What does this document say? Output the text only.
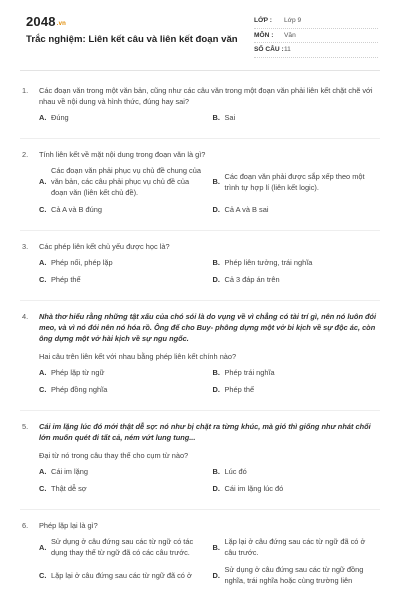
2048.vn
Trắc nghiệm: Liên kết câu và liên kết đoạn văn
LỚP :	Lớp 9
MÔN :	Văn
SỐ CÂU : 11
1.	Các đoạn văn trong một văn bản, cũng như các câu văn trong một đoạn văn phải liên kết chặt chẽ với nhau về nội dung và hình thức, đúng hay sai?
A. Đúng	B. Sai
2.	Tính liên kết về mặt nội dung trong đoạn văn là gì?
A.
Các đoạn văn phải phục vụ chủ đề chung của văn bản, các câu phải phục vụ chủ đề của đoạn văn (liên kết chủ đề).
B.
Các đoạn văn phải được sắp xếp theo một trình tự hợp lí (liên kết logic).
C. Cả A và B đúng	D. Cả A và B sai
3.	Các phép liên kết chủ yếu được học là?
A. Phép nối, phép lặp	B. Phép liên tưởng, trái nghĩa
C. Phép thế	D. Cả 3 đáp án trên
4.	Nhà thơ hiểu rằng những tật xấu của chó sói là do vụng về vì chẳng có tài trí gì, nên nó luôn đói meo, và vì nó đói nên nó hóa rồ. Ông để cho Buy- phông dựng một vở bi kịch về sự độc ác, còn ông dựng một vở hài kịch về sự ngu ngốc.
Hai câu trên liên kết với nhau bằng phép liên kết chính nào?
A. Phép lặp từ ngữ	B. Phép trái nghĩa
C. Phép đồng nghĩa	D. Phép thế
5.	Cái im lặng lúc đó mới thật dễ sợ: nó như bị chặt ra từng khúc, mà gió thì giống như nhát chổi lớn muốn quét đi tất cả, ném vứt lung tung...
Đại từ nó trong câu thay thế cho cụm từ nào?
A. Cái im lặng	B. Lúc đó
C. Thật dễ sợ	D. Cái im lặng lúc đó
6.	Phép lặp lại là gì?
A.
Sử dụng ở câu đứng sau các từ ngữ có tác dụng thay thế từ ngữ đã có các câu trước.
B.
Lặp lại ở câu đứng sau các từ ngữ đã có ở câu trước.
C. Lặp lại ở câu đứng sau các từ ngữ đã có ở	D.
Sử dụng ở câu đứng sau các từ ngữ đồng nghĩa, trái nghĩa hoặc cùng trường liên
